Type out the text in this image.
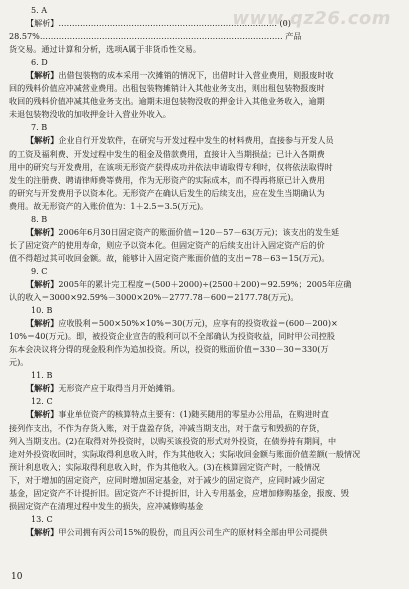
www.qz26.com
5. A
【解析】……………………………………………………………………… (0)
28.57%……………………………………………………………………………… 产品
货交易。通过计算和分析，选项A属于非货币性交易。
6. D
【解析】出借包装物的成本采用一次摊销的情况下，出借时计入营业费用，则报废时收
回的残料价值应冲减营业费用。出租包装物摊销计入其他业务支出，则出租包装物报废时
收回的残料价值冲减其他业务支出。逾期未退包装物没收的押金计入其他业务收入，逾期
未退包装物没收的加收押金计入营业外收入。
7. B
【解析】企业自行开发软件，在研究与开发过程中发生的材料费用，直接参与开发人员
的工资及福利费、开发过程中发生的租金及借款费用，直接计入当期损益；已计入各期费
用中的研究与开发费用，在该项无形资产获得成功并依法申请取得专利时，仅将依法取得时
发生的注册费、聘请律师费等费用，作为无形资产的实际成本，而不得再将原已计入费用
的研究与开发费用予以资本化。无形资产在确认后发生的后续支出，应在发生当期确认为
费用。故无形资产的入账价值为：1＋2.5＝3.5(万元)。
8. B
【解析】2006年6月30日固定资产的账面价值＝120－57－63(万元)；该支出的发生延
长了固定资产的使用寿命，则应予以资本化。但固定资产的后续支出计入固定资产后的价
值不得超过其可收回金额。故，能够计入固定资产账面价值的支出＝78－63＝15(万元)。
9. C
【解析】2005年的累计完工程度＝(500＋2000)÷(2500＋200)＝92.59%；2005年应确
认的收入＝3000×92.59%－3000×20%－2777.78－600＝2177.78(万元)。
10. B
【解析】应收股利＝500×50%×10%＝30(万元)，应享有的投资收益＝(600－200)×
10%＝40(万元)。即，被投资企业宣告的股利可以不全部确认为投资收益，同时甲公司控股
东本会决议将分得的现金股利作为追加投资。所以，投资的账面价值＝330－30＝330(万
元)。
11. B
【解析】无形资产应于取得当月开始摊销。
12. C
【解析】事业单位资产的核算特点主要有：(1)随买随用的零星办公用品，在购进时直
接列作支出，不作为存货入账，对于盘盈存货，冲减当期支出，对于盘亏和毁损的存货，
列入当期支出。(2)在取得对外投资时，以购买该投资的形式对外投资，在债券持有期间，中
途对外投资收回时，实际取得利息收入时，作为其他收入；实际收回金额与账面价值差额(一般情况
预计利息收入；实际取得利息收入时，作为其他收入。(3)在核算固定资产时，一般情况
下，对于增加的固定资产，应同时增加固定基金，对于减少的固定资产，应同时减少固定
基金，固定资产不计提折旧。固定资产不计提折旧，计入专用基金，应增加修购基金，报废、毁
损固定资产在清理过程中发生的损失，应冲减修购基金
13. C
【解析】甲公司拥有丙公司15%的股份，而且丙公司生产的原材料全部由甲公司提供
10
